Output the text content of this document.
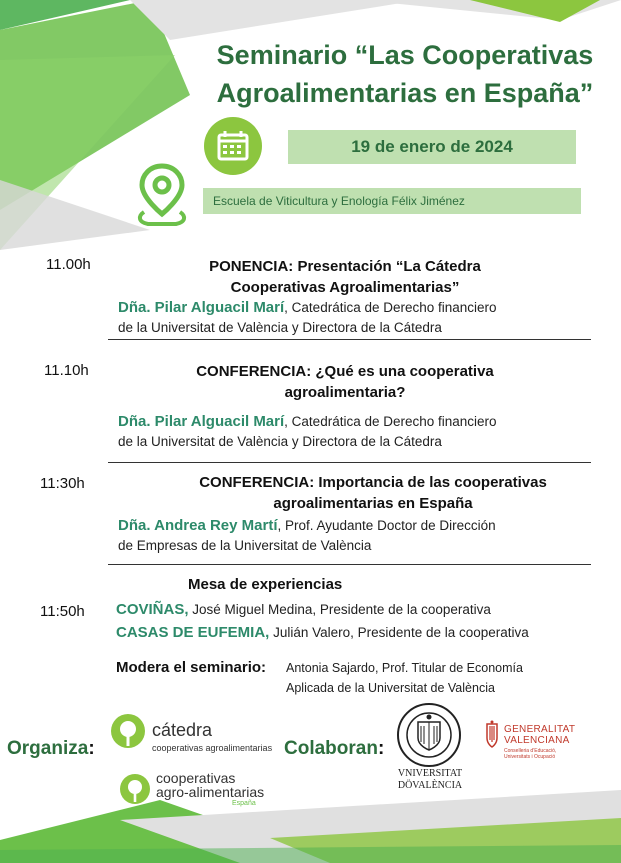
Seminario “Las Cooperativas
Agroalimentarias en España”
19 de enero de 2024
Escuela de Viticultura y Enología Félix Jiménez
11.00h	PONENCIA: Presentación “La Cátedra
Cooperativas Agroalimentarias”
Dña. Pilar Alguacil Marí, Catedrática de Derecho financiero
de la Universitat de València y Directora de la Cátedra
11.10h	CONFERENCIA: ¿Qué es una cooperativa
agroalimentaria?
Dña. Pilar Alguacil Marí, Catedrática de Derecho financiero
de la Universitat de València y Directora de la Cátedra
11:30h	CONFERENCIA: Importancia de las cooperativas
agroalimentarias en España
Dña. Andrea Rey Martí, Prof. Ayudante Doctor de Dirección
de Empresas de la Universitat de València
Mesa de experiencias
11:50h COVIÑAS, José Miguel Medina, Presidente de la cooperativa
CASAS DE EUFEMIA, Julián Valero, Presidente de la cooperativa
Modera el seminario: Antonia Sajardo, Prof. Titular de Economía
Aplicada de la Universitat de València
Organiza:
cátedra
cooperativas agroalimentarias
cooperativas
agro-alimentarias
España
Colaboran:
VNIVERSITAT
DÖVALÈNCIA
GENERALITAT
VALENCIANA
Conselleria d’Educació,
Universitats i Ocupació
